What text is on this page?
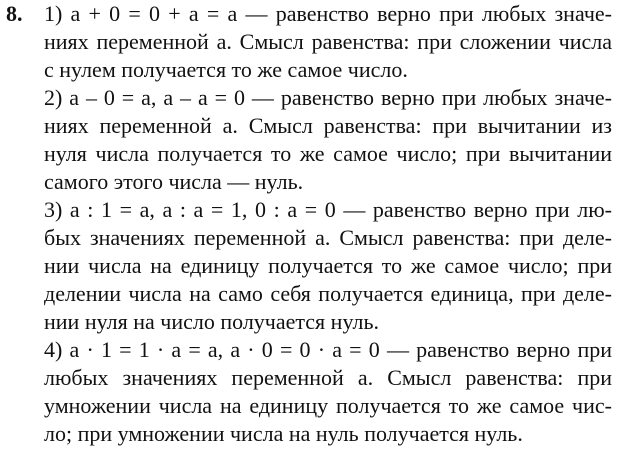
8. 1) a + 0 = 0 + a = a — равенство верно при любых значе-
ниях переменной a. Смысл равенства: при сложении числа
с нулем получается то же самое число.
2) a – 0 = a, a – a = 0 — равенство верно при любых значе-
ниях переменной a. Смысл равенства: при вычитании из
нуля числа получается то же самое число; при вычитании
самого этого числа — нуль.
3) a : 1 = a, a : a = 1, 0 : a = 0 — равенство верно при лю-
бых значениях переменной a. Смысл равенства: при деле-
нии числа на единицу получается то же самое число; при
делении числа на само себя получается единица, при деле-
нии нуля на число получается нуль.
4) a · 1 = 1 · a = a, a · 0 = 0 · a = 0 — равенство верно при
любых значениях переменной a. Смысл равенства: при
умножении числа на единицу получается то же самое чис-
ло; при умножении числа на нуль получается нуль.
